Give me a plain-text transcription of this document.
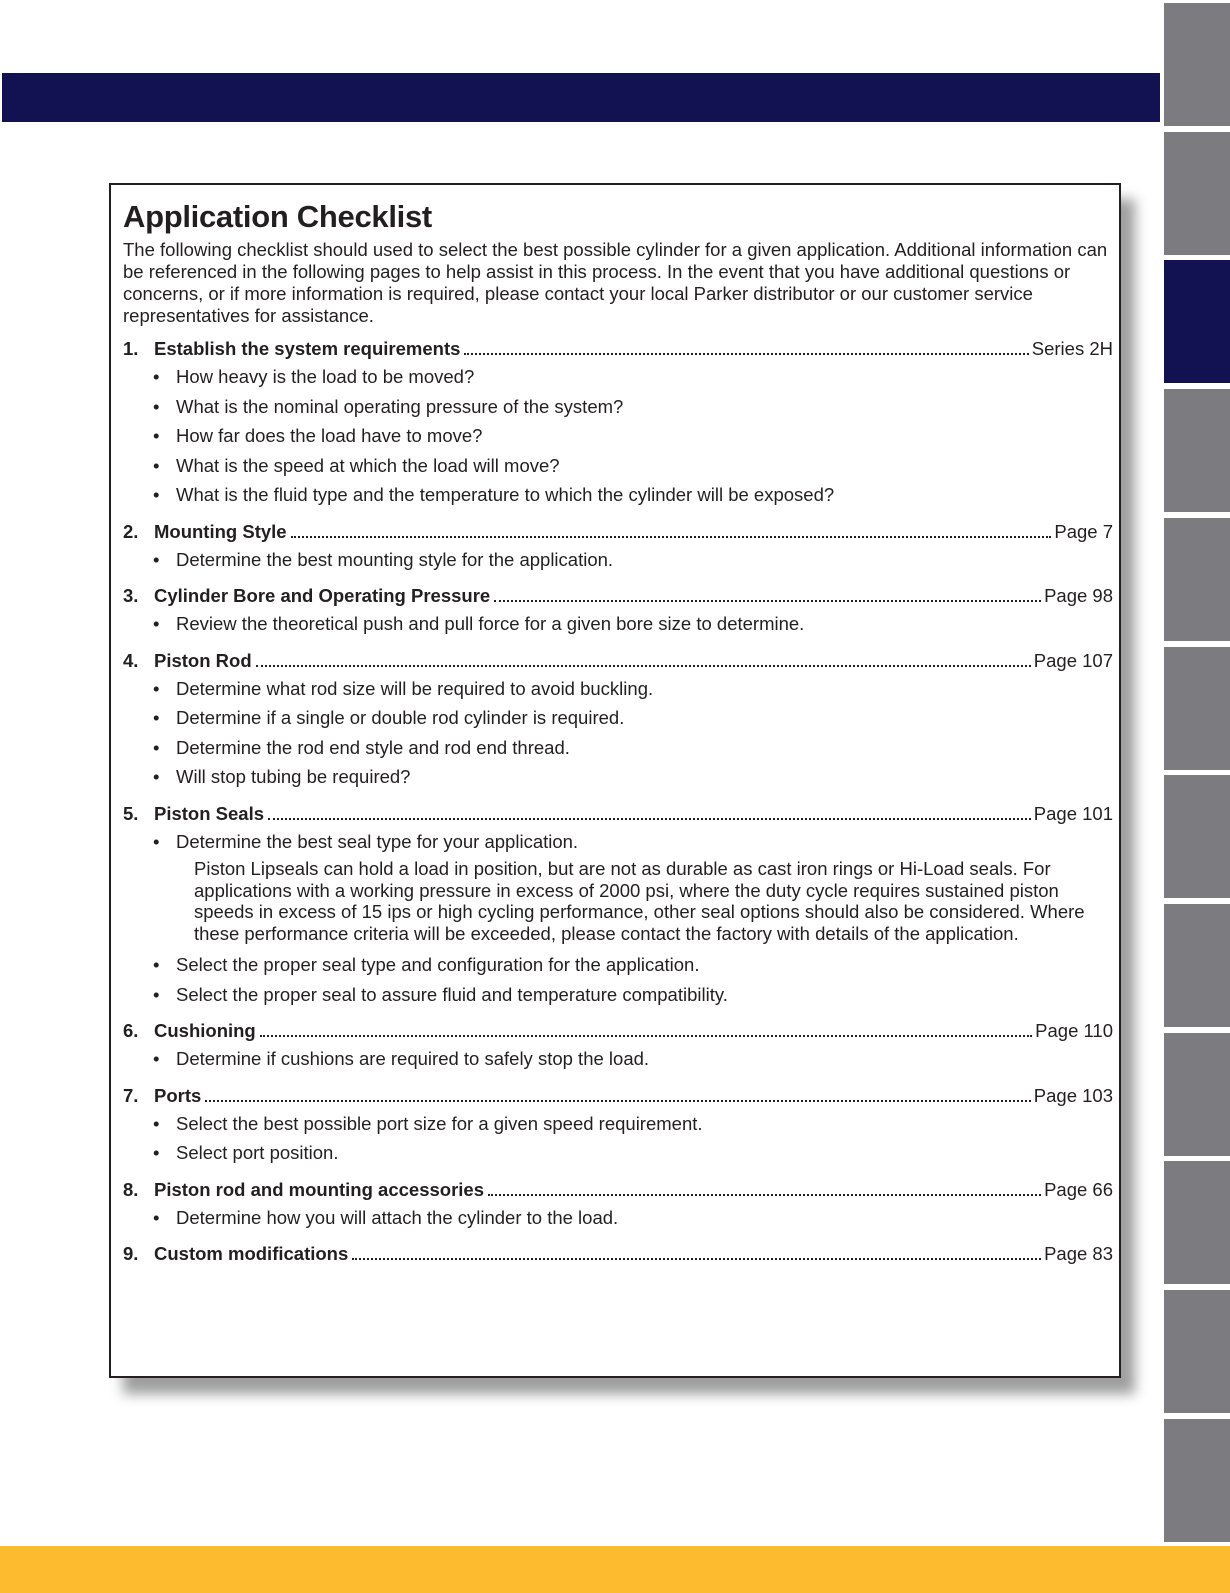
Application Checklist

The following checklist should used to select the best possible cylinder for a given application. Additional information can be referenced in the following pages to help assist in this process. In the event that you have additional questions or concerns, or if more information is required, please contact your local Parker distributor or our customer service representatives for assistance.

1. Establish the system requirements	Series 2H
• How heavy is the load to be moved?
• What is the nominal operating pressure of the system?
• How far does the load have to move?
• What is the speed at which the load will move?
• What is the fluid type and the temperature to which the cylinder will be exposed?
2. Mounting Style	Page 7
• Determine the best mounting style for the application.
3. Cylinder Bore and Operating Pressure	Page 98
• Review the theoretical push and pull force for a given bore size to determine.
4. Piston Rod	Page 107
• Determine what rod size will be required to avoid buckling.
• Determine if a single or double rod cylinder is required.
• Determine the rod end style and rod end thread.
• Will stop tubing be required?
5. Piston Seals	Page 101
• Determine the best seal type for your application.
Piston Lipseals can hold a load in position, but are not as durable as cast iron rings or Hi-Load seals. For applications with a working pressure in excess of 2000 psi, where the duty cycle requires sustained piston speeds in excess of 15 ips or high cycling performance, other seal options should also be considered. Where these performance criteria will be exceeded, please contact the factory with details of the application.
• Select the proper seal type and configuration for the application.
• Select the proper seal to assure fluid and temperature compatibility.
6. Cushioning	Page 110
• Determine if cushions are required to safely stop the load.
7. Ports	Page 103
• Select the best possible port size for a given speed requirement.
• Select port position.
8. Piston rod and mounting accessories	Page 66
• Determine how you will attach the cylinder to the load.
9. Custom modifications	Page 83
